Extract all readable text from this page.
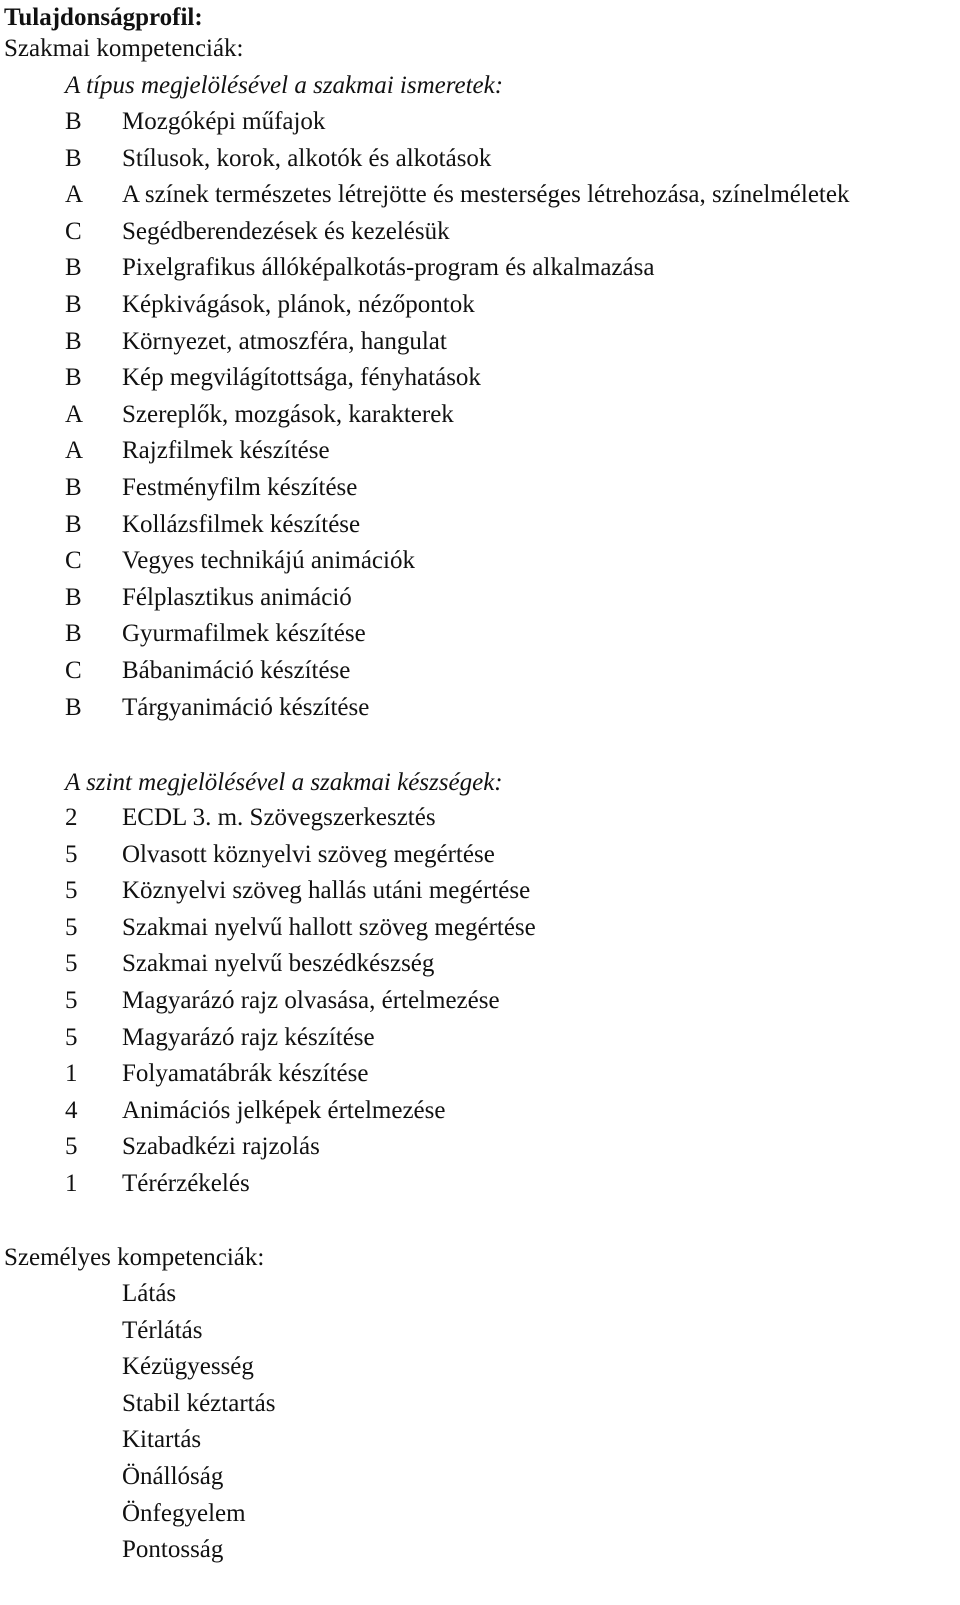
Tulajdonságprofil:
Szakmai kompetenciák:
A típus megjelölésével a szakmai ismeretek:
B	Mozgóképi műfajok
B	Stílusok, korok, alkotók és alkotások
A	A színek természetes létrejötte és mesterséges létrehozása, színelméletek
C	Segédberendezések és kezelésük
B	Pixelgrafikus állóképalkotás-program és alkalmazása
B	Képkivágások, plánok, nézőpontok
B	Környezet, atmoszféra, hangulat
B	Kép megvilágítottsága, fényhatások
A	Szereplők, mozgások, karakterek
A	Rajzfilmek készítése
B	Festményfilm készítése
B	Kollázsfilmek készítése
C	Vegyes technikájú animációk
B	Félplasztikus animáció
B	Gyurmafilmek készítése
C	Bábanimáció készítése
B	Tárgyanimáció készítése
A szint megjelölésével a szakmai készségek:
2	ECDL 3. m. Szövegszerkesztés
5	Olvasott köznyelvi szöveg megértése
5	Köznyelvi szöveg hallás utáni megértése
5	Szakmai nyelvű hallott szöveg megértése
5	Szakmai nyelvű beszédkészség
5	Magyarázó rajz olvasása, értelmezése
5	Magyarázó rajz készítése
1	Folyamatábrák készítése
4	Animációs jelképek értelmezése
5	Szabadkézi rajzolás
1	Térérzékelés
Személyes kompetenciák:
Látás
Térlátás
Kézügyesség
Stabil kéztartás
Kitartás
Önállóság
Önfegyelem
Pontosság
